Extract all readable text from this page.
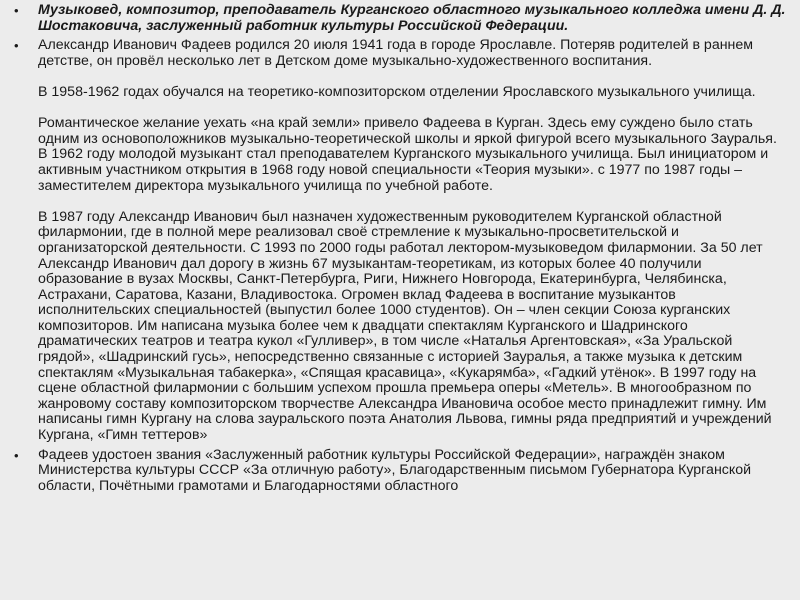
• Музыковед, композитор, преподаватель Курганского областного музыкального колледжа имени Д. Д. Шостаковича, заслуженный работник культуры Российской Федерации.
• Александр Иванович Фадеев родился 20 июля 1941 года в городе Ярославле. Потеряв родителей в раннем детстве, он провёл несколько лет в Детском доме музыкально-художественного воспитания.

В 1958-1962 годах обучался на теоретико-композиторском отделении Ярославского музыкального училища.

Романтическое желание уехать «на край земли» привело Фадеева в Курган. Здесь ему суждено было стать одним из основоположников музыкально-теоретической школы и яркой фигурой всего музыкального Зауралья. В 1962 году молодой музыкант стал преподавателем Курганского музыкального училища. Был инициатором и активным участником открытия в 1968 году новой специальности «Теория музыки». с 1977 по 1987 годы – заместителем директора музыкального училища по учебной работе.

В 1987 году Александр Иванович был назначен художественным руководителем Курганской областной филармонии, где в полной мере реализовал своё стремление к музыкально-просветительской и организаторской деятельности. С 1993 по 2000 годы работал лектором-музыковедом филармонии. За 50 лет Александр Иванович дал дорогу в жизнь 67 музыкантам-теоретикам, из которых более 40 получили образование в вузах Москвы, Санкт-Петербурга, Риги, Нижнего Новгорода, Екатеринбурга, Челябинска, Астрахани, Саратова, Казани, Владивостока. Огромен вклад Фадеева в воспитание музыкантов исполнительских специальностей (выпустил более 1000 студентов). Он – член секции Союза курганских композиторов. Им написана музыка более чем к двадцати спектаклям Курганского и Шадринского драматических театров и театра кукол «Гулливер», в том числе «Наталья Аргентовская», «За Уральской грядой», «Шадринский гусь», непосредственно связанные с историей Зауралья, а также музыка к детским спектаклям «Музыкальная табакерка», «Спящая красавица», «Кукарямба», «Гадкий утёнок». В 1997 году на сцене областной филармонии с большим успехом прошла премьера оперы «Метель». В многообразном по жанровому составу композиторском творчестве Александра Ивановича особое место принадлежит гимну. Им написаны гимн Кургану на слова зауральского поэта Анатолия Львова, гимны ряда предприятий и учреждений Кургана, «Гимн теттеров»

• Фадеев удостоен звания «Заслуженный работник культуры Российской Федерации», награждён знаком Министерства культуры СССР «За отличную работу», Благодарственным письмом Губернатора Курганской области, Почётными грамотами и Благодарностями областного
